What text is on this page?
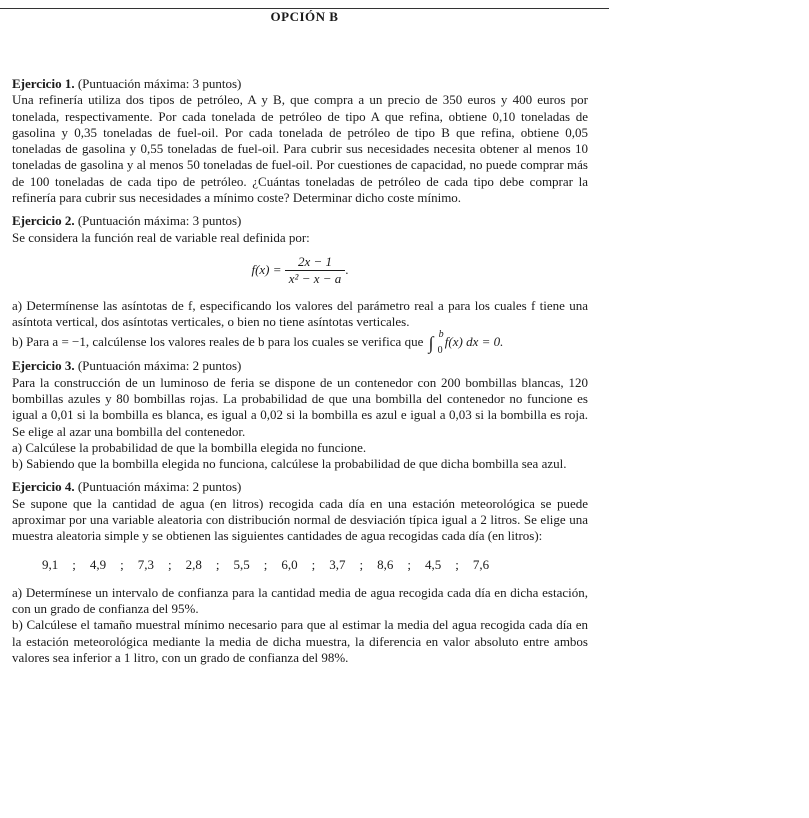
OPCIÓN B

Ejercicio 1. (Puntuación máxima: 3 puntos)

Una refinería utiliza dos tipos de petróleo, A y B, que compra a un precio de 350 euros y 400 euros por tonelada, respectivamente. Por cada tonelada de petróleo de tipo A que refina, obtiene 0,10 toneladas de gasolina y 0,35 toneladas de fuel-oil. Por cada tonelada de petróleo de tipo B que refina, obtiene 0,05 toneladas de gasolina y 0,55 toneladas de fuel-oil. Para cubrir sus necesidades necesita obtener al menos 10 toneladas de gasolina y al menos 50 toneladas de fuel-oil. Por cuestiones de capacidad, no puede comprar más de 100 toneladas de cada tipo de petróleo. ¿Cuántas toneladas de petróleo de cada tipo debe comprar la refinería para cubrir sus necesidades a mínimo coste? Determinar dicho coste mínimo.

Ejercicio 2. (Puntuación máxima: 3 puntos)

Se considera la función real de variable real definida por:

$f(x) = \frac{2x - 1}{\text{x² − x − a}}$ .

a) Determínense las asíntotas de f, especificando los valores del parámetro real a para los cuales f tiene una asíntota vertical, dos asíntotas verticales, o bien no tiene asíntotas verticales.

b) Para a = −1, calcúlense los valores reales de b para los cuales se verifica que ∫ b
0
f(x) dx = 0.

Ejercicio 3. (Puntuación máxima: 2 puntos)

Para la construcción de un luminoso de feria se dispone de un contenedor con 200 bombillas blancas, 120 bombillas azules y 80 bombillas rojas. La probabilidad de que una bombilla del contenedor no funcione es igual a 0,01 si la bombilla es blanca, es igual a 0,02 si la bombilla es azul e igual a 0,03 si la bombilla es roja. Se elige al azar una bombilla del contenedor.

a) Calcúlese la probabilidad de que la bombilla elegida no funcione.

b) Sabiendo que la bombilla elegida no funciona, calcúlese la probabilidad de que dicha bombilla sea azul.

Ejercicio 4. (Puntuación máxima: 2 puntos)

Se supone que la cantidad de agua (en litros) recogida cada día en una estación meteorológica se puede aproximar por una variable aleatoria con distribución normal de desviación típica igual a 2 litros. Se elige una muestra aleatoria simple y se obtienen las siguientes cantidades de agua recogidas cada día (en litros):

9,1 ; 4,9 ; 7,3 ; 2,8 ; 5,5 ; 6,0 ; 3,7 ; 8,6 ; 4,5 ; 7,6

a) Determínese un intervalo de confianza para la cantidad media de agua recogida cada día en dicha estación, con un grado de confianza del 95%.

b) Calcúlese el tamaño muestral mínimo necesario para que al estimar la media del agua recogida cada día en la estación meteorológica mediante la media de dicha muestra, la diferencia en valor absoluto entre ambos valores sea inferior a 1 litro, con un grado de confianza del 98%.
